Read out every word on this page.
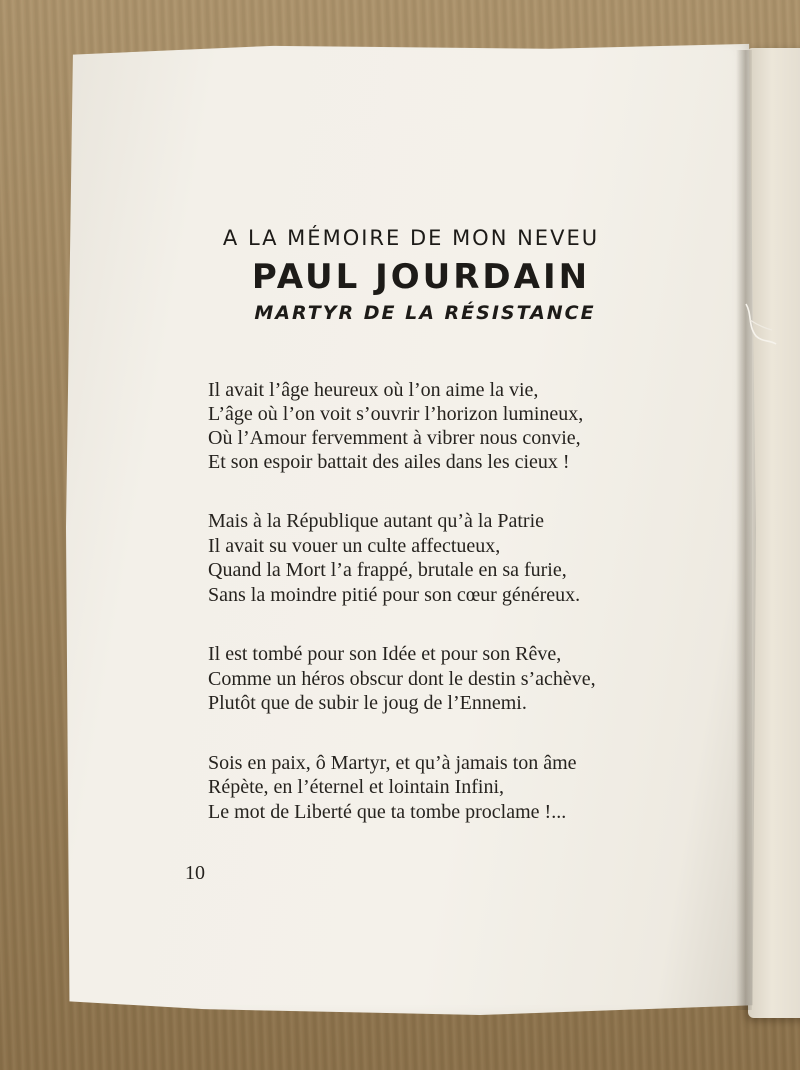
A LA MÉMOIRE DE MON NEVEU
PAUL JOURDAIN
MARTYR DE LA RÉSISTANCE
Il avait l’âge heureux où l’on aime la vie,
L’âge où l’on voit s’ouvrir l’horizon lumineux,
Où l’Amour fervemment à vibrer nous convie,
Et son espoir battait des ailes dans les cieux !
Mais à la République autant qu’à la Patrie
Il avait su vouer un culte affectueux,
Quand la Mort l’a frappé, brutale en sa furie,
Sans la moindre pitié pour son cœur généreux.
Il est tombé pour son Idée et pour son Rêve,
Comme un héros obscur dont le destin s’achève,
Plutôt que de subir le joug de l’Ennemi.
Sois en paix, ô Martyr, et qu’à jamais ton âme
Répète, en l’éternel et lointain Infini,
Le mot de Liberté que ta tombe proclame !...
10
